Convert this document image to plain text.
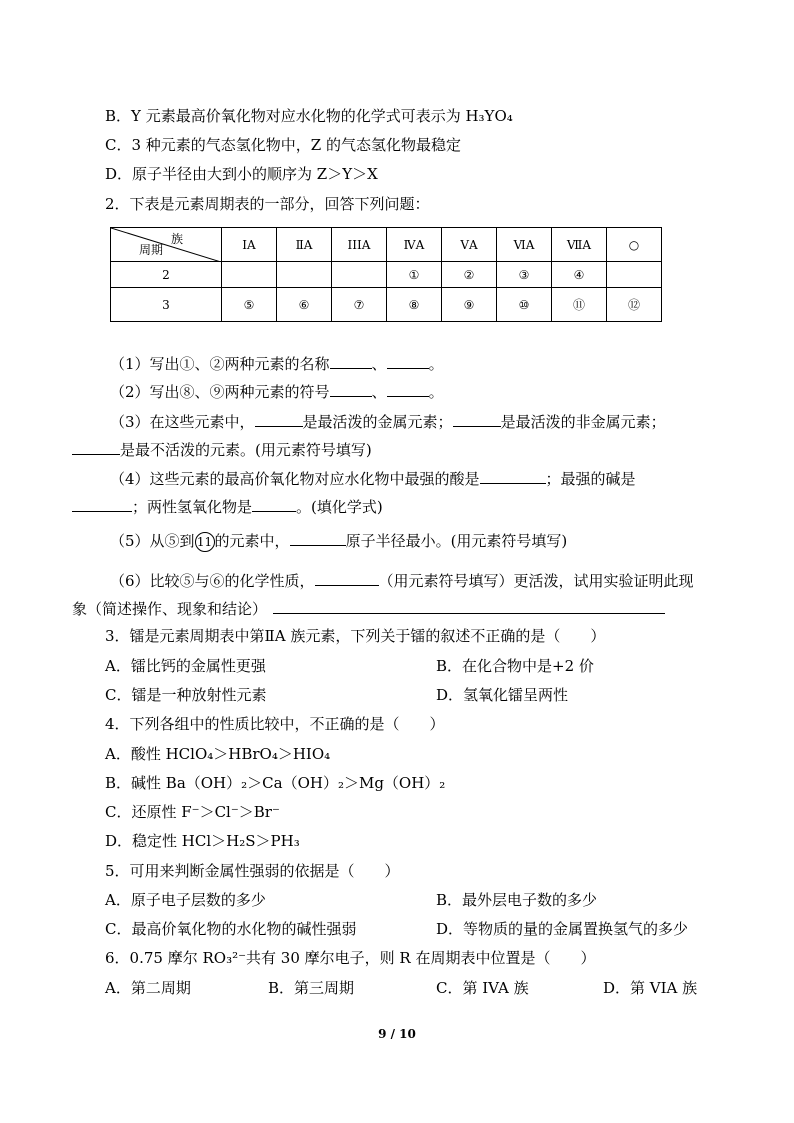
B．Y 元素最高价氧化物对应水化物的化学式可表示为 H₃YO₄
C．3 种元素的气态氢化物中，Z 的气态氢化物最稳定
D．原子半径由大到小的顺序为 Z＞Y＞X
2．下表是元素周期表的一部分，回答下列问题：
族
周期	IA	ⅡA	IIIA	ⅣA	ⅤA	ⅥA	ⅦA	○
2				①	②	③	④	
3	⑤	⑥	⑦	⑧	⑨	⑩	⑪	⑫
（1）写出①、②两种元素的名称	、	。
（2）写出⑧、⑨两种元素的符号	、	。
（3）在这些元素中，	是最活泼的金属元素；	是最活泼的非金属元素；
是最不活泼的元素。(用元素符号填写)
（4）这些元素的最高价氧化物对应水化物中最强的酸是	；最强的碱是
；两性氢氧化物是	。(填化学式)
（5）从⑤到 11 的元素中，	原子半径最小。(用元素符号填写)
（6）比较⑤与⑥的化学性质，	（用元素符号填写）更活泼，试用实验证明此现
象（简述操作、现象和结论）
3．镭是元素周期表中第ⅡA 族元素，下列关于镭的叙述不正确的是（　　）
A．镭比钙的金属性更强	B．在化合物中是+2 价
C．镭是一种放射性元素	D．氢氧化镭呈两性
4．下列各组中的性质比较中，不正确的是（　　）
A．酸性 HClO₄＞HBrO₄＞HIO₄
B．碱性 Ba（OH）₂＞Ca（OH）₂＞Mg（OH）₂
C．还原性 F⁻＞Cl⁻＞Br⁻
D．稳定性 HCl＞H₂S＞PH₃
5．可用来判断金属性强弱的依据是（　　）
A．原子电子层数的多少	B．最外层电子数的多少
C．最高价氧化物的水化物的碱性强弱	D．等物质的量的金属置换氢气的多少
6．0.75 摩尔 RO₃²⁻共有 30 摩尔电子，则 R 在周期表中位置是（　　）
A．第二周期	B．第三周期	C．第 IVA 族	D．第 VIA 族
9 / 10
